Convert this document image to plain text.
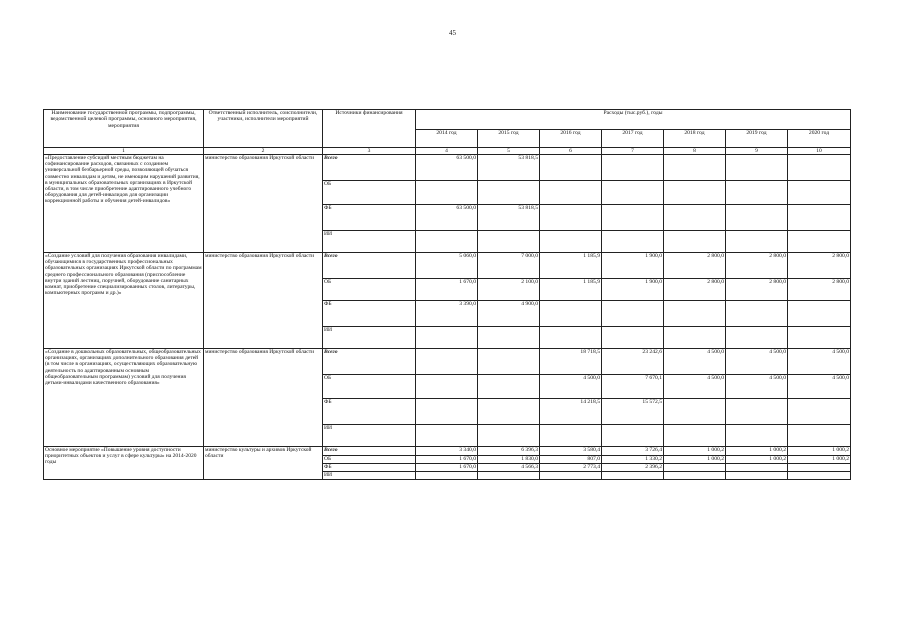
45
Наименование государственной программы, подпрограммы, ведомственной целевой программы, основного мероприятия, мероприятия	Ответственный исполнитель, соисполнители, участники, исполнители мероприятий	Источники финансирования	Расходы (тыс.руб.), годы						
			2014 год	2015 год	2016 год	2017 год	2018 год	2019 год	2020 год
1	2	3	4	5	6	7	8	9	10
«Предоставление субсидий местным бюджетам на софинансирование расходов, связанных с созданием универсальной безбарьерной среды, позволяющей обучаться совместно инвалидам и детям, не имеющим нарушений развития, в муниципальных образовательных организациях в Иркутской области, в том числе приобретение адаптированного учебного оборудования для детей-инвалидов для организации коррекционной работы и обучения детей-инвалидов»	министерство образования Иркутской области	Всего	63 500,0	53 818,5					
		ОБ							
		ФБ	63 500,0	53 818,5					
		ИИ							
«Создание условий для получения образования инвалидами, обучающимися в государственных профессиональных образовательных организациях Иркутской области по программам среднего профессионального образования (приспособление внутри зданий лестниц, поручней, оборудование санитарных комнат, приобретение специализированных столов, литературы, компьютерных программ и др.)»	министерство образования Иркутской области	Всего	5 060,0	7 000,0	1 185,9	1 900,0	2 800,0	2 800,0	2 800,0
		ОБ	1 670,0	2 100,0	1 185,9	1 900,0	2 800,0	2 800,0	2 800,0
		ФБ	3 390,0	4 900,0					
		ИИ							
«Создание в дошкольных образовательных, общеобразовательных организациях, организациях дополнительного образования детей (в том числе в организациях, осуществляющих образовательную деятельность по адаптированным основным общеобразовательным программам) условий для получения детьми-инвалидами качественного образования»	министерство образования Иркутской области	Всего			18 718,5	23 242,6	4 500,0	4 500,0	4 500,0
		ОБ			4 500,0	7 670,1	4 500,0	4 500,0	4 500,0
		ФБ			14 218,5	15 572,5			
		ИИ							
Основное мероприятие «Повышение уровня доступности приоритетных объектов и услуг в сфере культуры» на 2014-2020 годы	министерство культуры и архивов Иркутской области	Всего	3 340,0	6 396,3	3 580,4	3 726,4	1 000,2	1 000,2	1 000,2
		ОБ	1 670,0	1 830,0	807,0	1 330,2	1 000,2	1 000,2	1 000,2
		ФБ	1 670,0	4 566,3	2 773,4	2 396,2			
		ИИ							
